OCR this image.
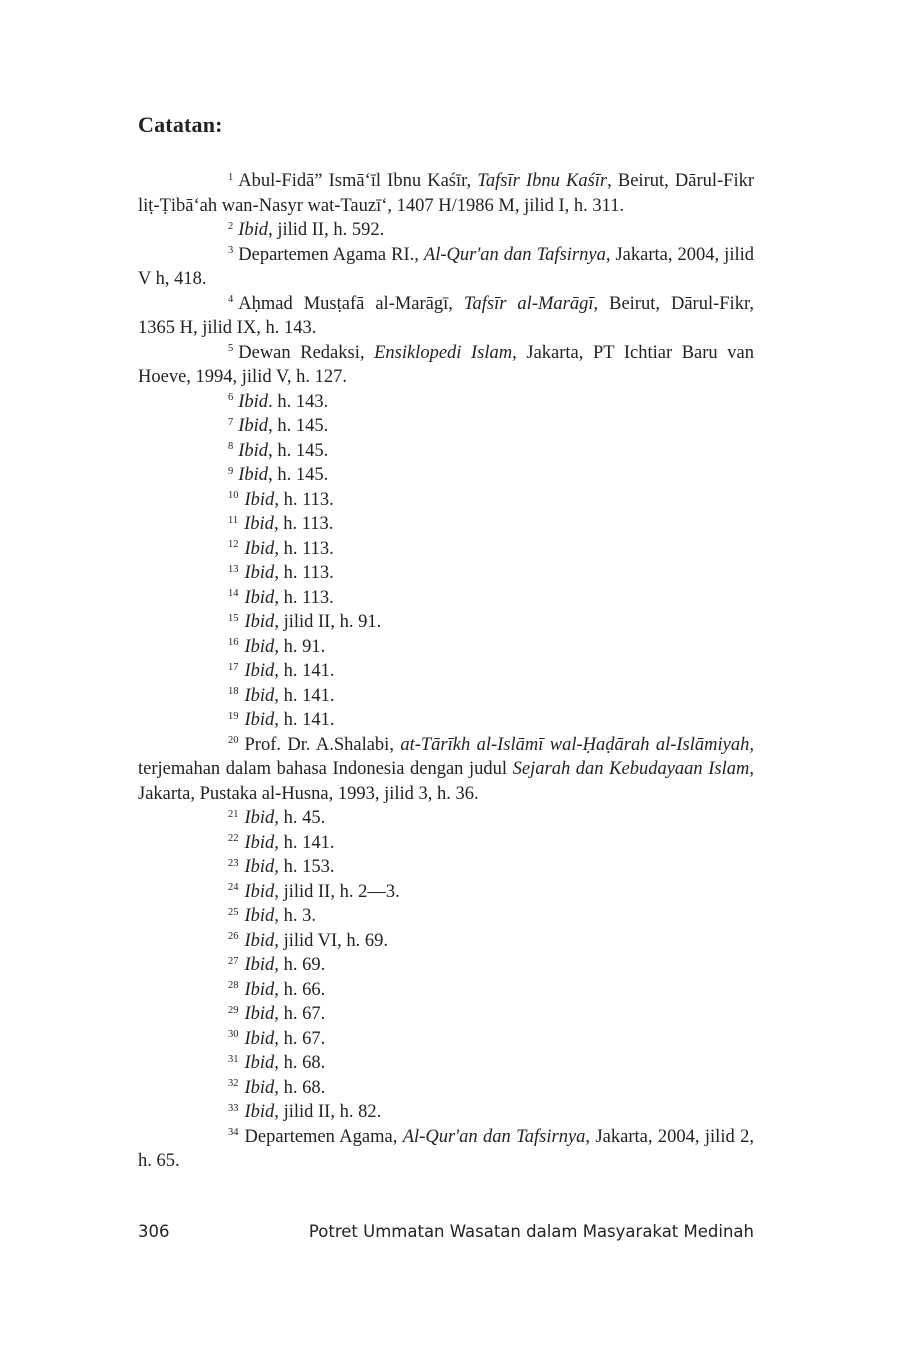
Catatan:

1 Abul-Fidā” Ismā‘īl Ibnu Kaśīr, Tafsīr Ibnu Kaśīr, Beirut, Dārul-Fikr liṭ-Ṭibā‘ah wan-Nasyr wat-Tauzī‘, 1407 H/1986 M, jilid I, h. 311.

2 Ibid, jilid II, h. 592.

3 Departemen Agama RI., Al-Qur'an dan Tafsirnya, Jakarta, 2004, jilid V h, 418.

4 Aḥmad Musṭafā al-Marāgī, Tafsīr al-Marāgī, Beirut, Dārul-Fikr, 1365 H, jilid IX, h. 143.

5 Dewan Redaksi, Ensiklopedi Islam, Jakarta, PT Ichtiar Baru van Hoeve, 1994, jilid V, h. 127.

6 Ibid. h. 143.

7 Ibid, h. 145.

8 Ibid, h. 145.

9 Ibid, h. 145.

10 Ibid, h. 113.

11 Ibid, h. 113.

12 Ibid, h. 113.

13 Ibid, h. 113.

14 Ibid, h. 113.

15 Ibid, jilid II, h. 91.

16 Ibid, h. 91.

17 Ibid, h. 141.

18 Ibid, h. 141.

19 Ibid, h. 141.

20 Prof. Dr. A.Shalabi, at-Tārīkh al-Islāmī wal-Ḥaḍārah al-Islāmiyah, terjemahan dalam bahasa Indonesia dengan judul Sejarah dan Kebudayaan Islam, Jakarta, Pustaka al-Husna, 1993, jilid 3, h. 36.

21 Ibid, h. 45.

22 Ibid, h. 141.

23 Ibid, h. 153.

24 Ibid, jilid II, h. 2—3.

25 Ibid, h. 3.

26 Ibid, jilid VI, h. 69.

27 Ibid, h. 69.

28 Ibid, h. 66.

29 Ibid, h. 67.

30 Ibid, h. 67.

31 Ibid, h. 68.

32 Ibid, h. 68.

33 Ibid, jilid II, h. 82.

34 Departemen Agama, Al-Qur'an dan Tafsirnya, Jakarta, 2004, jilid 2, h. 65.

306	Potret Ummatan Wasatan dalam Masyarakat Medinah
